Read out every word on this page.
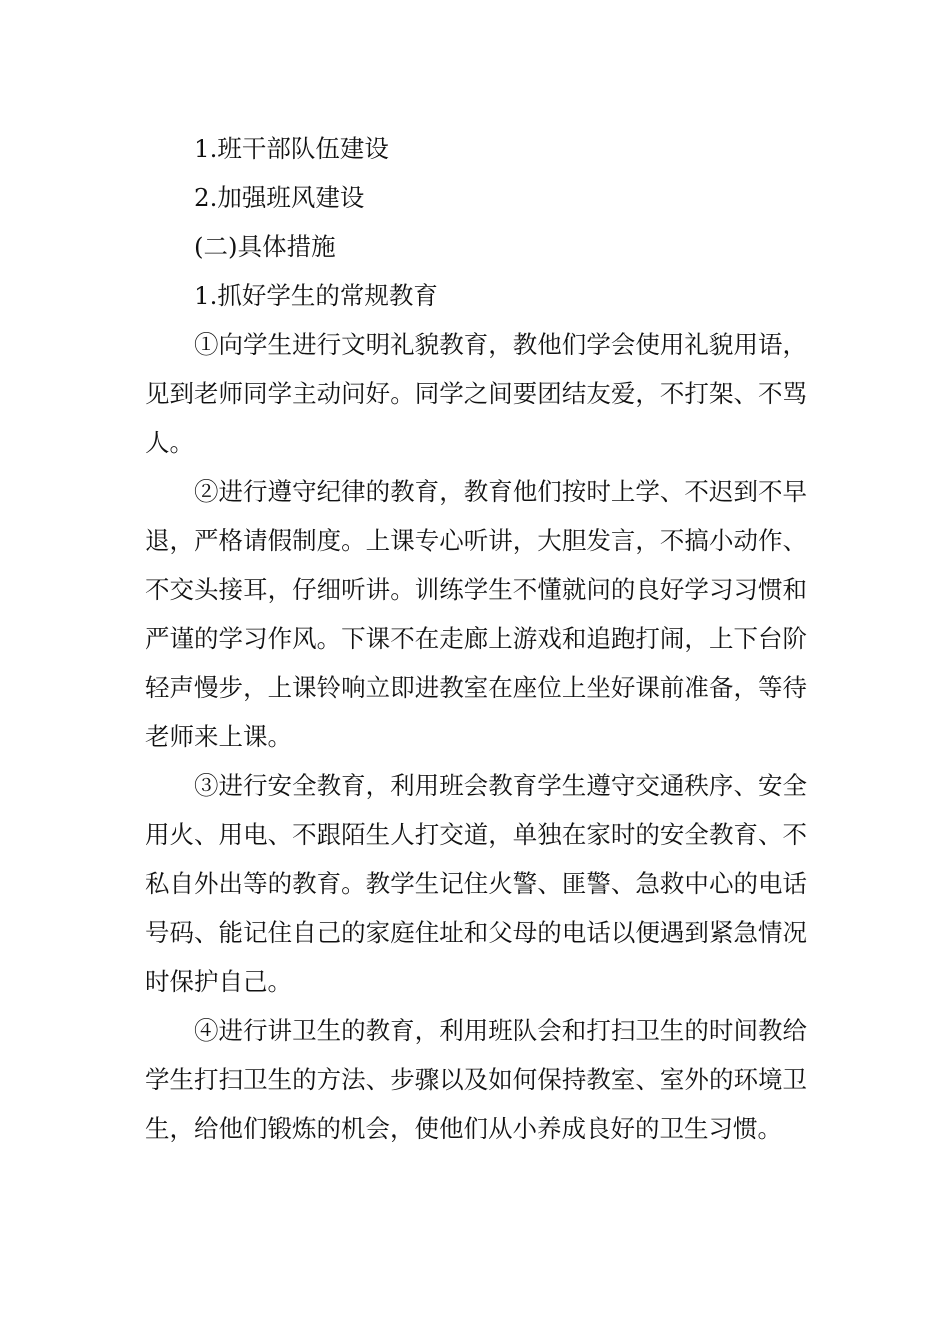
1.班干部队伍建设

2.加强班风建设

(二)具体措施

1.抓好学生的常规教育

①向学生进行文明礼貌教育，教他们学会使用礼貌用语，见到老师同学主动问好。同学之间要团结友爱，不打架、不骂人。

②进行遵守纪律的教育，教育他们按时上学、不迟到不早退，严格请假制度。上课专心听讲，大胆发言，不搞小动作、不交头接耳，仔细听讲。训练学生不懂就问的良好学习习惯和严谨的学习作风。下课不在走廊上游戏和追跑打闹，上下台阶轻声慢步，上课铃响立即进教室在座位上坐好课前准备，等待老师来上课。

③进行安全教育，利用班会教育学生遵守交通秩序、安全用火、用电、不跟陌生人打交道，单独在家时的安全教育、不私自外出等的教育。教学生记住火警、匪警、急救中心的电话号码、能记住自己的家庭住址和父母的电话以便遇到紧急情况时保护自己。

④进行讲卫生的教育，利用班队会和打扫卫生的时间教给学生打扫卫生的方法、步骤以及如何保持教室、室外的环境卫生，给他们锻炼的机会，使他们从小养成良好的卫生习惯。
